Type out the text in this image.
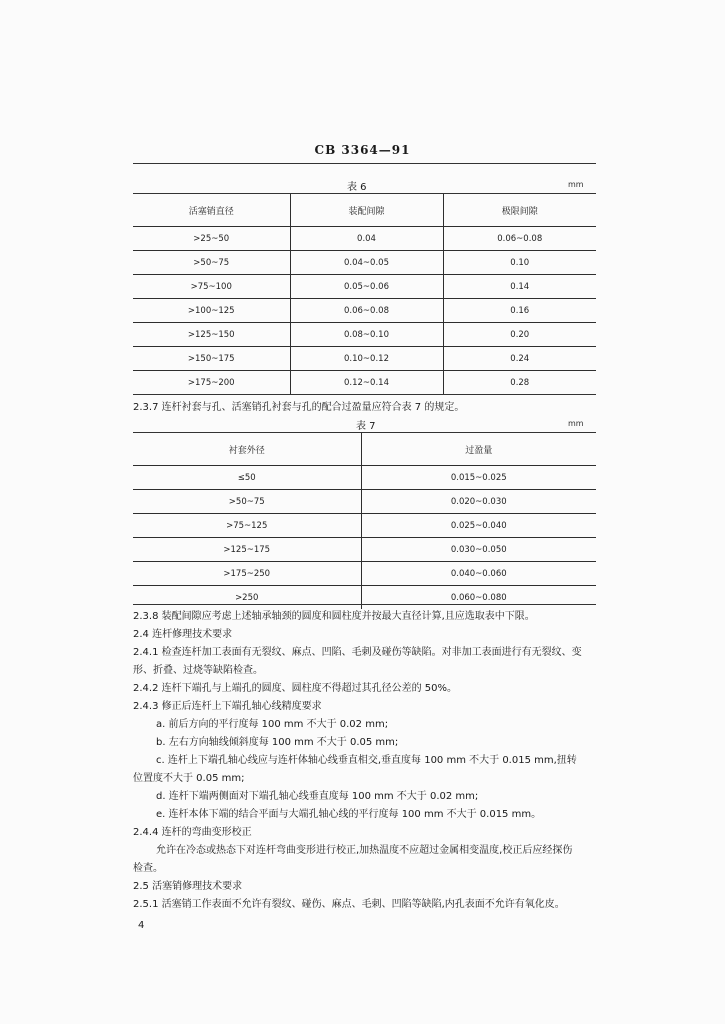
CB 3364—91
表 6	mm
活塞销直径	装配间隙	极限间隙
>25~50	0.04	0.06~0.08
>50~75	0.04~0.05	0.10
>75~100	0.05~0.06	0.14
>100~125	0.06~0.08	0.16
>125~150	0.08~0.10	0.20
>150~175	0.10~0.12	0.24
>175~200	0.12~0.14	0.28
2.3.7 连杆衬套与孔、活塞销孔衬套与孔的配合过盈量应符合表 7 的规定。
表 7	mm
衬套外径	过盈量
≤50	0.015~0.025
>50~75	0.020~0.030
>75~125	0.025~0.040
>125~175	0.030~0.050
>175~250	0.040~0.060
>250	0.060~0.080
2.3.8 装配间隙应考虑上述轴承轴颈的圆度和圆柱度并按最大直径计算,且应选取表中下限。
2.4 连杆修理技术要求
2.4.1 检查连杆加工表面有无裂纹、麻点、凹陷、毛刺及碰伤等缺陷。对非加工表面进行有无裂纹、变
形、折叠、过烧等缺陷检查。
2.4.2 连杆下端孔与上端孔的圆度、圆柱度不得超过其孔径公差的 50%。
2.4.3 修正后连杆上下端孔轴心线精度要求
a. 前后方向的平行度每 100 mm 不大于 0.02 mm;
b. 左右方向轴线倾斜度每 100 mm 不大于 0.05 mm;
c. 连杆上下端孔轴心线应与连杆体轴心线垂直相交,垂直度每 100 mm 不大于 0.015 mm,扭转
位置度不大于 0.05 mm;
d. 连杆下端两侧面对下端孔轴心线垂直度每 100 mm 不大于 0.02 mm;
e. 连杆本体下端的结合平面与大端孔轴心线的平行度每 100 mm 不大于 0.015 mm。
2.4.4 连杆的弯曲变形校正
允许在冷态或热态下对连杆弯曲变形进行校正,加热温度不应超过金属相变温度,校正后应经探伤
检查。
2.5 活塞销修理技术要求
2.5.1 活塞销工作表面不允许有裂纹、碰伤、麻点、毛刺、凹陷等缺陷,内孔表面不允许有氧化皮。
4
